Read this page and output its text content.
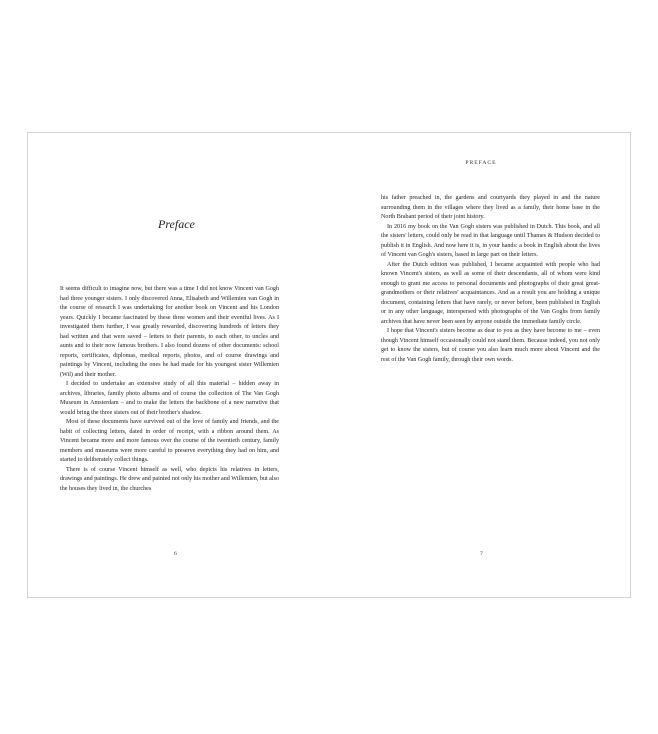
Preface

It seems difficult to imagine now, but there was a time I did not know Vincent van Gogh had three younger sisters. I only discovered Anna, Elisabeth and Willemien van Gogh in the course of research I was undertaking for another book on Vincent and his London years. Quickly I became fascinated by these three women and their eventful lives. As I investigated them further, I was greatly rewarded, discovering hundreds of letters they had written and that were saved – letters to their parents, to each other, to uncles and aunts and to their now famous brothers. I also found dozens of other documents: school reports, certificates, diplomas, medical reports, photos, and of course drawings and paintings by Vincent, including the ones he had made for his youngest sister Willemien (Wil) and their mother.

I decided to undertake an extensive study of all this material – hidden away in archives, libraries, family photo albums and of course the collection of The Van Gogh Museum in Amsterdam – and to make the letters the backbone of a new narrative that would bring the three sisters out of their brother's shadow.

Most of these documents have survived out of the love of family and friends, and the habit of collecting letters, dated in order of receipt, with a ribbon around them. As Vincent became more and more famous over the course of the twentieth century, family members and museums were more careful to preserve everything they had on him, and started to deliberately collect things.

There is of course Vincent himself as well, who depicts his relatives in letters, drawings and paintings. He drew and painted not only his mother and Willemien, but also the houses they lived in, the churches

6
PREFACE

his father preached in, the gardens and courtyards they played in and the nature surrounding them in the villages where they lived as a family, their home base in the North Brabant period of their joint history.

In 2016 my book on the Van Gogh sisters was published in Dutch. This book, and all the sisters' letters, could only be read in that language until Thames & Hudson decided to publish it in English. And now here it is, in your hands: a book in English about the lives of Vincent van Gogh's sisters, based in large part on their letters.

After the Dutch edition was published, I became acquainted with people who had known Vincent's sisters, as well as some of their descendants, all of whom were kind enough to grant me access to personal documents and photographs of their great great-grandmothers or their relatives' acquaintances. And as a result you are holding a unique document, containing letters that have rarely, or never before, been published in English or in any other language, interspersed with photographs of the Van Goghs from family archives that have never been seen by anyone outside the immediate family circle.

I hope that Vincent's sisters become as dear to you as they have become to me – even though Vincent himself occasionally could not stand them. Because indeed, you not only get to know the sisters, but of course you also learn much more about Vincent and the rest of the Van Gogh family, through their own words.

7
